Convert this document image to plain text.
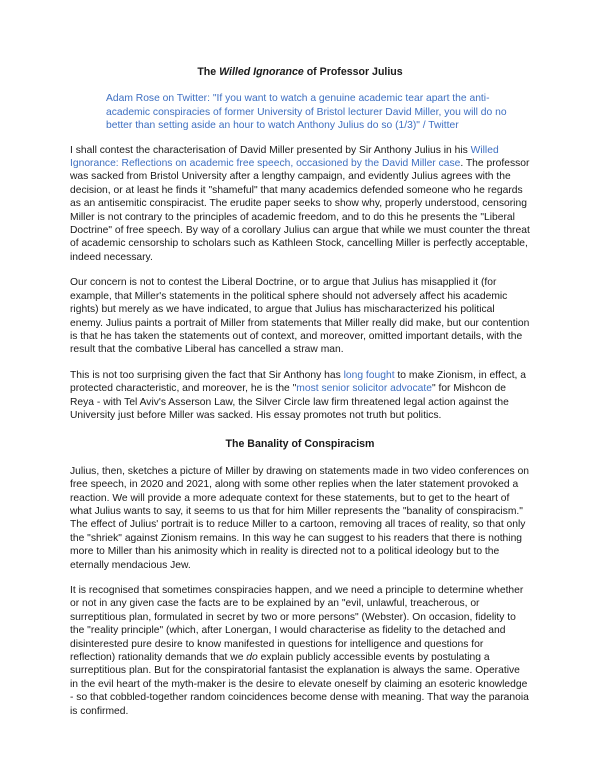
The Willed Ignorance of Professor Julius
Adam Rose on Twitter: "If you want to watch a genuine academic tear apart the anti-academic conspiracies of former University of Bristol lecturer David Miller, you will do no better than setting aside an hour to watch Anthony Julius do so (1/3)" / Twitter

I shall contest the characterisation of David Miller presented by Sir Anthony Julius in his Willed Ignorance: Reflections on academic free speech, occasioned by the David Miller case. The professor was sacked from Bristol University after a lengthy campaign, and evidently Julius agrees with the decision, or at least he finds it "shameful" that many academics defended someone who he regards as an antisemitic conspiracist. The erudite paper seeks to show why, properly understood, censoring Miller is not contrary to the principles of academic freedom, and to do this he presents the "Liberal Doctrine" of free speech. By way of a corollary Julius can argue that while we must counter the threat of academic censorship to scholars such as Kathleen Stock, cancelling Miller is perfectly acceptable, indeed necessary.

Our concern is not to contest the Liberal Doctrine, or to argue that Julius has misapplied it (for example, that Miller's statements in the political sphere should not adversely affect his academic rights) but merely as we have indicated, to argue that Julius has mischaracterized his political enemy. Julius paints a portrait of Miller from statements that Miller really did make, but our contention is that he has taken the statements out of context, and moreover, omitted important details, with the result that the combative Liberal has cancelled a straw man.

This is not too surprising given the fact that Sir Anthony has long fought to make Zionism, in effect, a protected characteristic, and moreover, he is the "most senior solicitor advocate" for Mishcon de Reya - with Tel Aviv's Asserson Law, the Silver Circle law firm threatened legal action against the University just before Miller was sacked. His essay promotes not truth but politics.

The Banality of Conspiracism

Julius, then, sketches a picture of Miller by drawing on statements made in two video conferences on free speech, in 2020 and 2021, along with some other replies when the later statement provoked a reaction. We will provide a more adequate context for these statements, but to get to the heart of what Julius wants to say, it seems to us that for him Miller represents the "banality of conspiracism." The effect of Julius' portrait is to reduce Miller to a cartoon, removing all traces of reality, so that only the "shriek" against Zionism remains. In this way he can suggest to his readers that there is nothing more to Miller than his animosity which in reality is directed not to a political ideology but to the eternally mendacious Jew.

It is recognised that sometimes conspiracies happen, and we need a principle to determine whether or not in any given case the facts are to be explained by an "evil, unlawful, treacherous, or surreptitious plan, formulated in secret by two or more persons" (Webster). On occasion, fidelity to the "reality principle" (which, after Lonergan, I would characterise as fidelity to the detached and disinterested pure desire to know manifested in questions for intelligence and questions for reflection) rationality demands that we do explain publicly accessible events by postulating a surreptitious plan. But for the conspiratorial fantasist the explanation is always the same. Operative in the evil heart of the myth-maker is the desire to elevate oneself by claiming an esoteric knowledge - so that cobbled-together random coincidences become dense with meaning. That way the paranoia is confirmed.
